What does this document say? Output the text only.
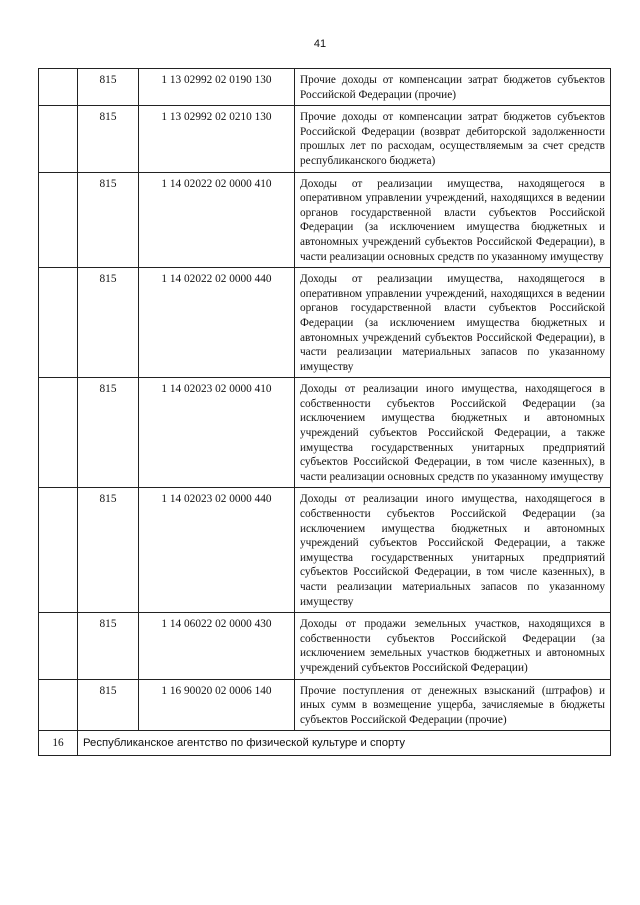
41
	815	1 13 02992 02 0190 130	Прочие доходы от компенсации затрат бюджетов субъектов Российской Федерации (прочие)
	815	1 13 02992 02 0210 130	Прочие доходы от компенсации затрат бюджетов субъектов Российской Федерации (возврат дебиторской задолженности прошлых лет по расходам, осуществляемым за счет средств республиканского бюджета)
	815	1 14 02022 02 0000 410	Доходы от реализации имущества, находящегося в оперативном управлении учреждений, находящихся в ведении органов государственной власти субъектов Российской Федерации (за исключением имущества бюджетных и автономных учреждений субъектов Российской Федерации), в части реализации основных средств по указанному имуществу
	815	1 14 02022 02 0000 440	Доходы от реализации имущества, находящегося в оперативном управлении учреждений, находящихся в ведении органов государственной власти субъектов Российской Федерации (за исключением имущества бюджетных и автономных учреждений субъектов Российской Федерации), в части реализации материальных запасов по указанному имуществу
	815	1 14 02023 02 0000 410	Доходы от реализации иного имущества, находящегося в собственности субъектов Российской Федерации (за исключением имущества бюджетных и автономных учреждений субъектов Российской Федерации, а также имущества государственных унитарных предприятий субъектов Российской Федерации, в том числе казенных), в части реализации основных средств по указанному имуществу
	815	1 14 02023 02 0000 440	Доходы от реализации иного имущества, находящегося в собственности субъектов Российской Федерации (за исключением имущества бюджетных и автономных учреждений субъектов Российской Федерации, а также имущества государственных унитарных предприятий субъектов Российской Федерации, в том числе казенных), в части реализации материальных запасов по указанному имуществу
	815	1 14 06022 02 0000 430	Доходы от продажи земельных участков, находящихся в собственности субъектов Российской Федерации (за исключением земельных участков бюджетных и автономных учреждений субъектов Российской Федерации)
	815	1 16 90020 02 0006 140	Прочие поступления от денежных взысканий (штрафов) и иных сумм в возмещение ущерба, зачисляемые в бюджеты субъектов Российской Федерации (прочие)
16	Республиканское агентство по физической культуре и спорту		
